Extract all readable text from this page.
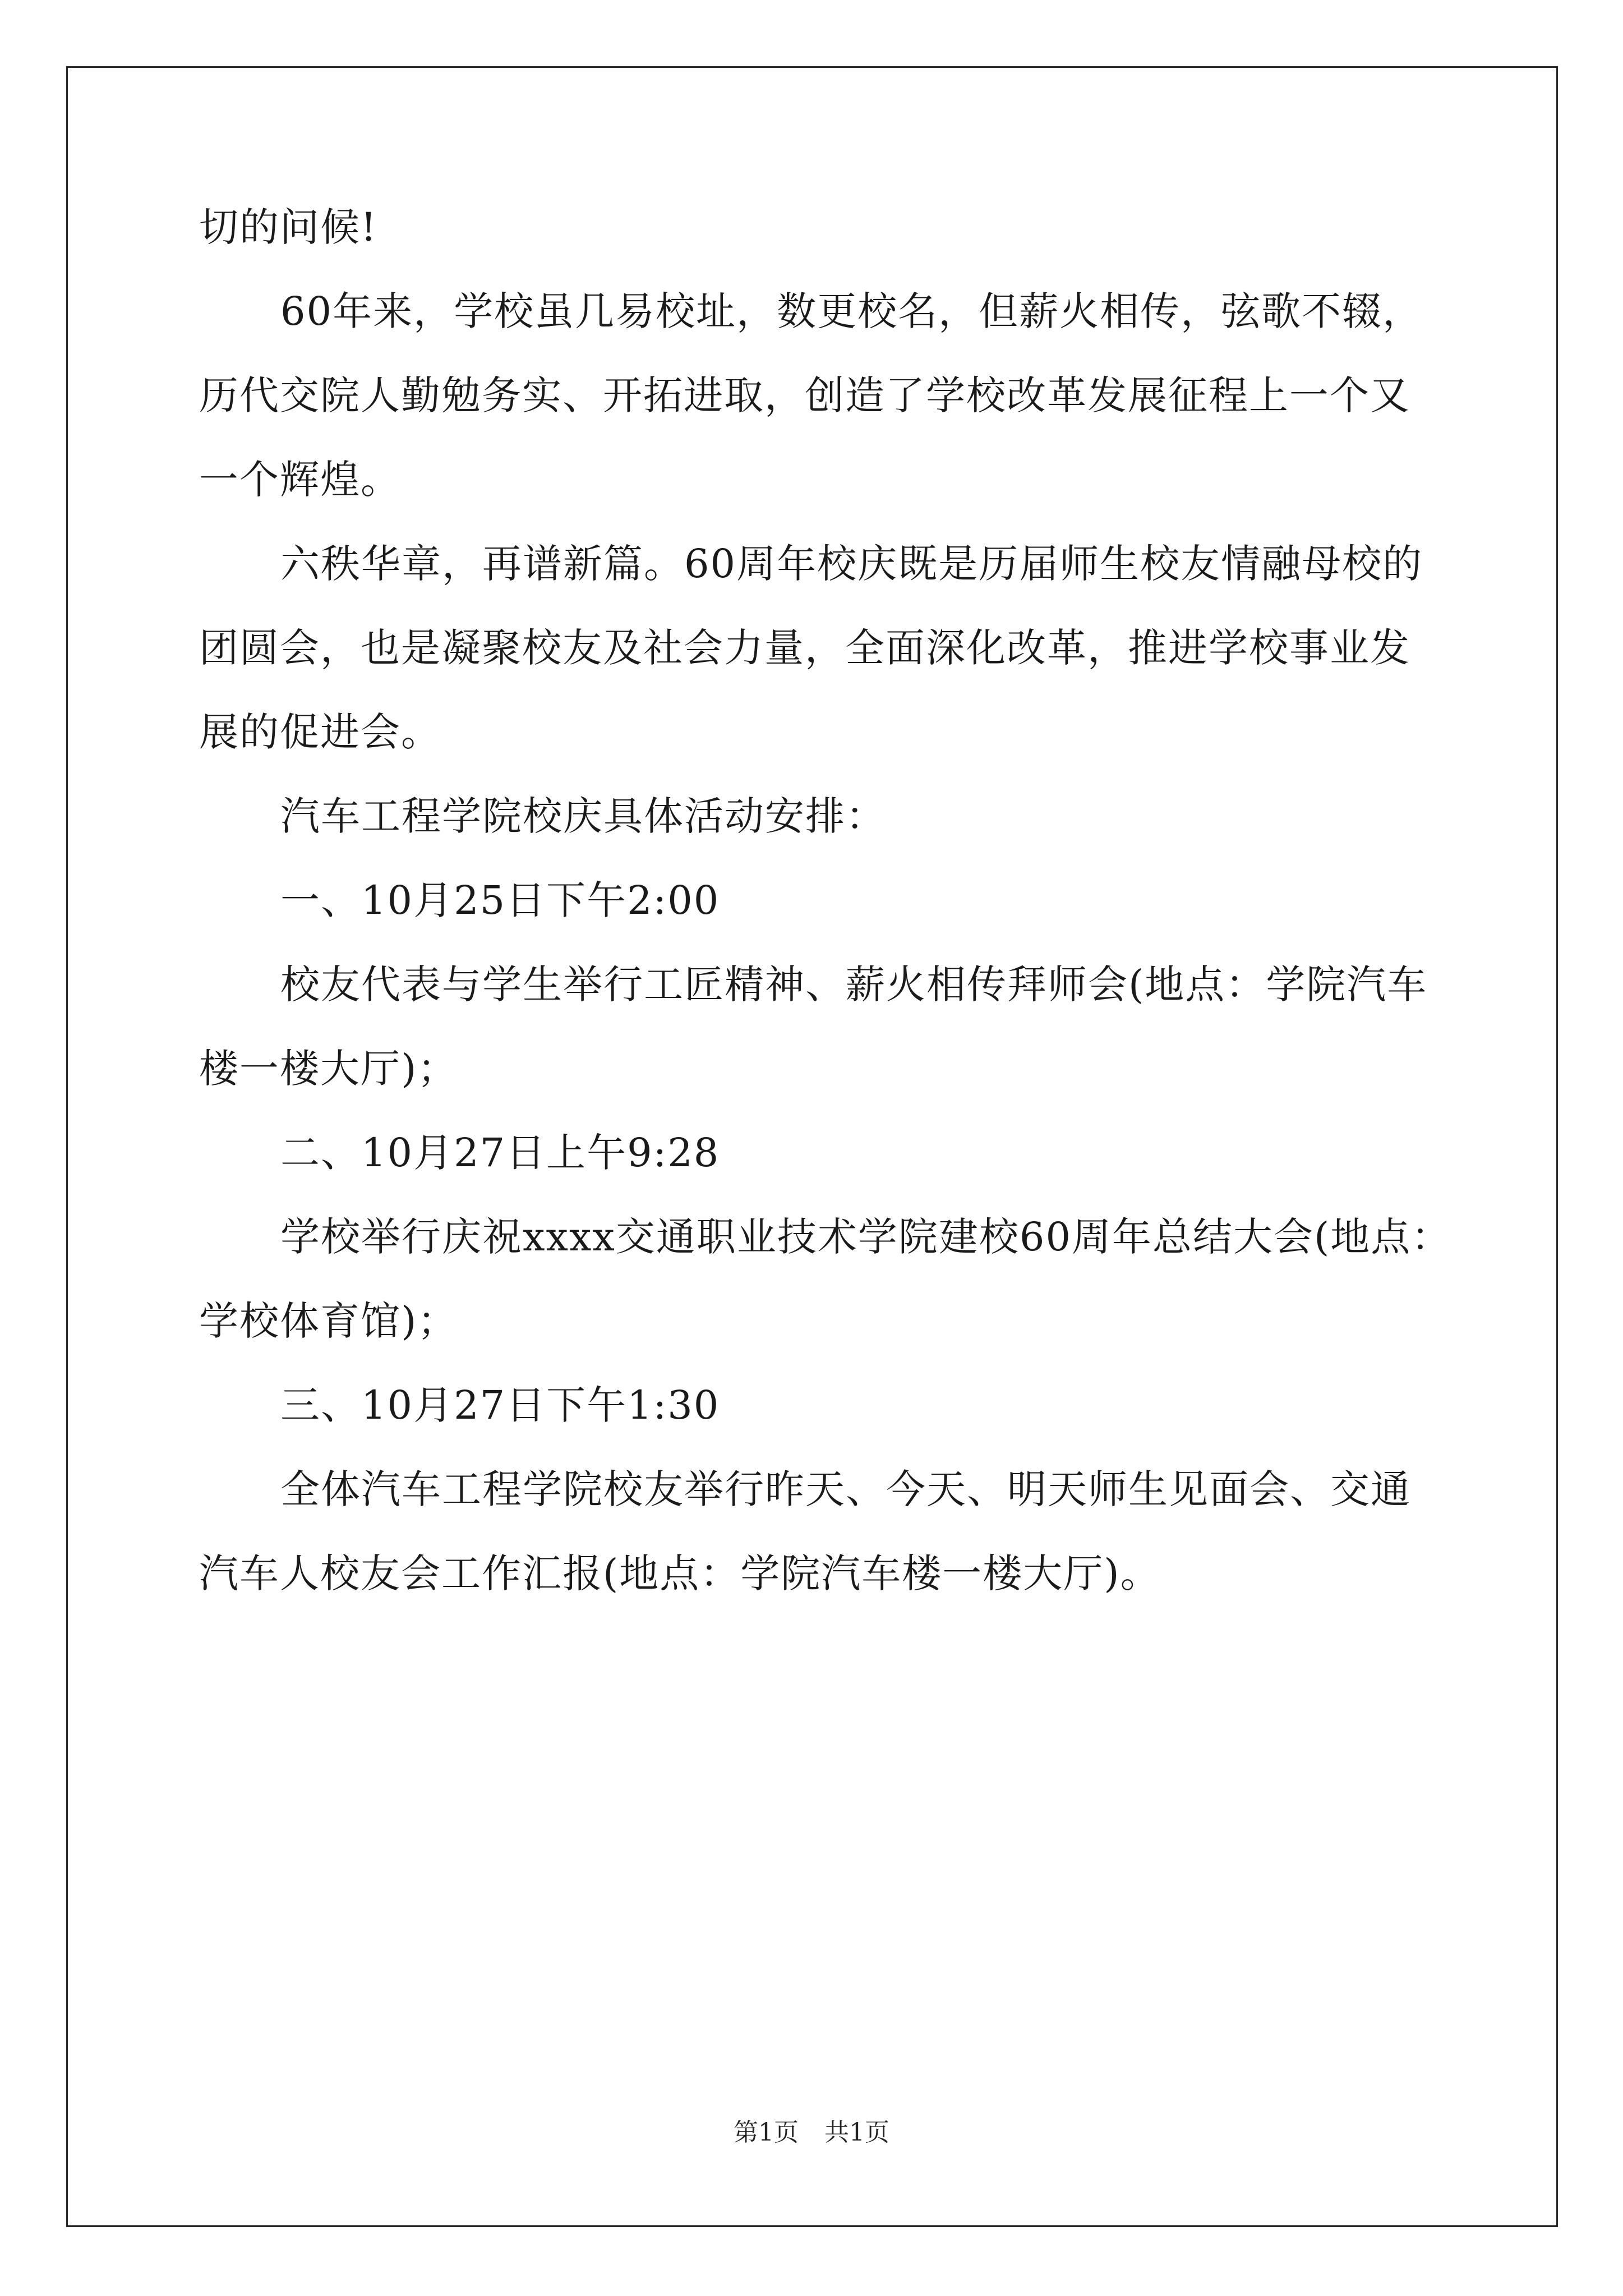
切的问候!
60年来，学校虽几易校址，数更校名，但薪火相传，弦歌不辍，
历代交院人勤勉务实、开拓进取，创造了学校改革发展征程上一个又
一个辉煌。
六秩华章，再谱新篇。60周年校庆既是历届师生校友情融母校的
团圆会，也是凝聚校友及社会力量，全面深化改革，推进学校事业发
展的促进会。
汽车工程学院校庆具体活动安排：
一、10月25日下午2:00
校友代表与学生举行工匠精神、薪火相传拜师会(地点：学院汽车
楼一楼大厅)；
二、10月27日上午9:28
学校举行庆祝xxxx交通职业技术学院建校60周年总结大会(地点：
学校体育馆)；
三、10月27日下午1:30
全体汽车工程学院校友举行昨天、今天、明天师生见面会、交通
汽车人校友会工作汇报(地点：学院汽车楼一楼大厅)。
第1页 共1页
